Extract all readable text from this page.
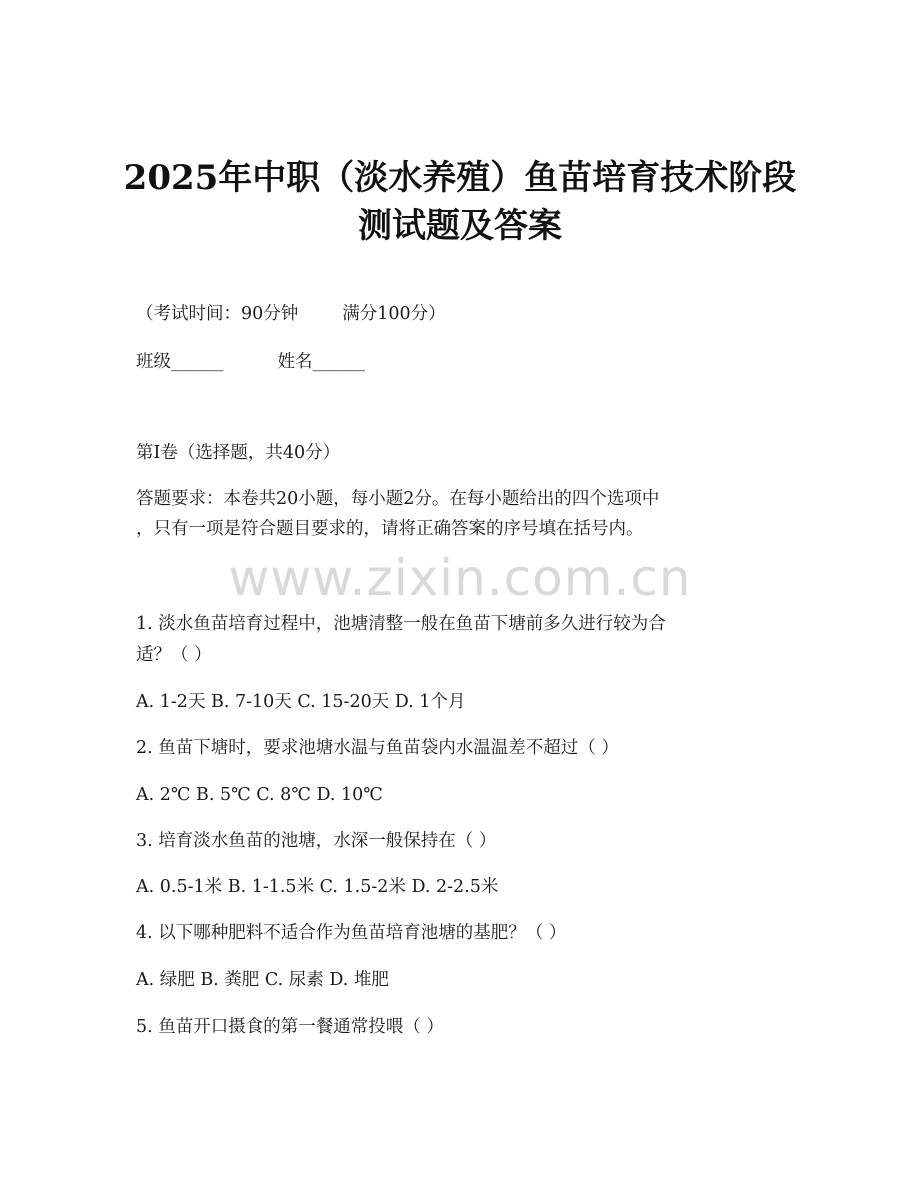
2025年中职（淡水养殖）鱼苗培育技术阶段
测试题及答案
（考试时间：90分钟	满分100分）
班级______	姓名______
第I卷（选择题，共40分）
答题要求：本卷共20小题，每小题2分。在每小题给出的四个选项中
，只有一项是符合题目要求的，请将正确答案的序号填在括号内。
www.zixin.com.cn
1. 淡水鱼苗培育过程中，池塘清整一般在鱼苗下塘前多久进行较为合
适？（ ）
A. 1-2天 B. 7-10天 C. 15-20天 D. 1个月
2. 鱼苗下塘时，要求池塘水温与鱼苗袋内水温温差不超过（ ）
A. 2℃ B. 5℃ C. 8℃ D. 10℃
3. 培育淡水鱼苗的池塘，水深一般保持在（ ）
A. 0.5-1米 B. 1-1.5米 C. 1.5-2米 D. 2-2.5米
4. 以下哪种肥料不适合作为鱼苗培育池塘的基肥？（ ）
A. 绿肥 B. 粪肥 C. 尿素 D. 堆肥
5. 鱼苗开口摄食的第一餐通常投喂（ ）
